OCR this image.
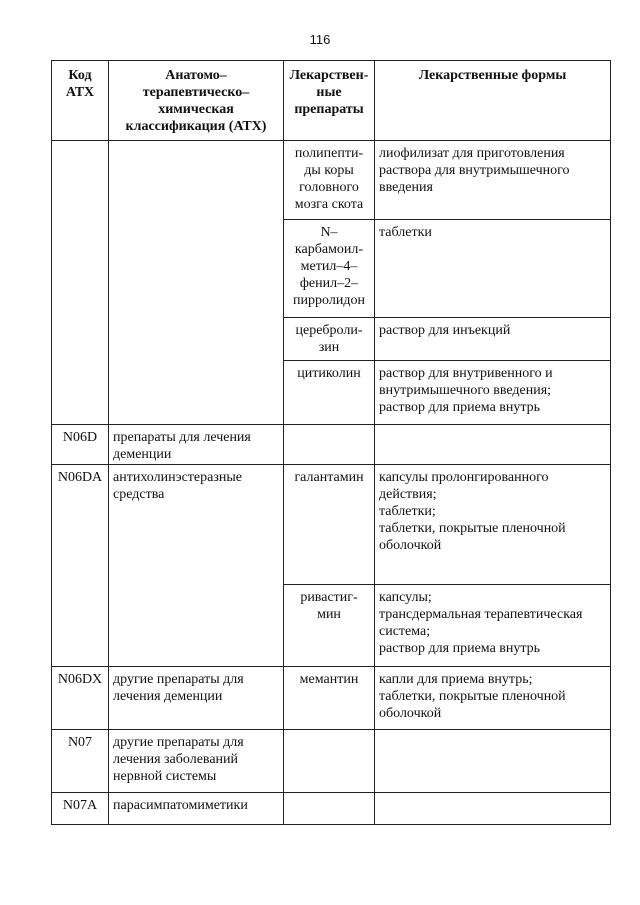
116
Код
АТХ	Анатомо–
терапевтическо–
химическая
классификация (АТХ)	Лекарствен-
ные
препараты	Лекарственные формы

		полипепти-
ды коры
головного
мозга скота	лиофилизат для приготовления
раствора для внутримышечного
введения

		N–
карбамоил-
метил–4–
фенил–2–
пирролидон	таблетки

		цереброли-
зин	раствор для инъекций

		цитиколин	раствор для внутривенного и
внутримышечного введения;
раствор для приема внутрь

N06D	препараты для лечения
деменции		

N06DA	антихолинэстеразные
средства	галантамин	капсулы пролонгированного
действия;
таблетки;
таблетки, покрытые пленочной
оболочкой

		ривастиг-
мин	капсулы;
трансдермальная терапевтическая
система;
раствор для приема внутрь

N06DX	другие препараты для
лечения деменции	мемантин	капли для приема внутрь;
таблетки, покрытые пленочной
оболочкой

N07	другие препараты для
лечения заболеваний
нервной системы		

N07A	парасимпатомиметики		
